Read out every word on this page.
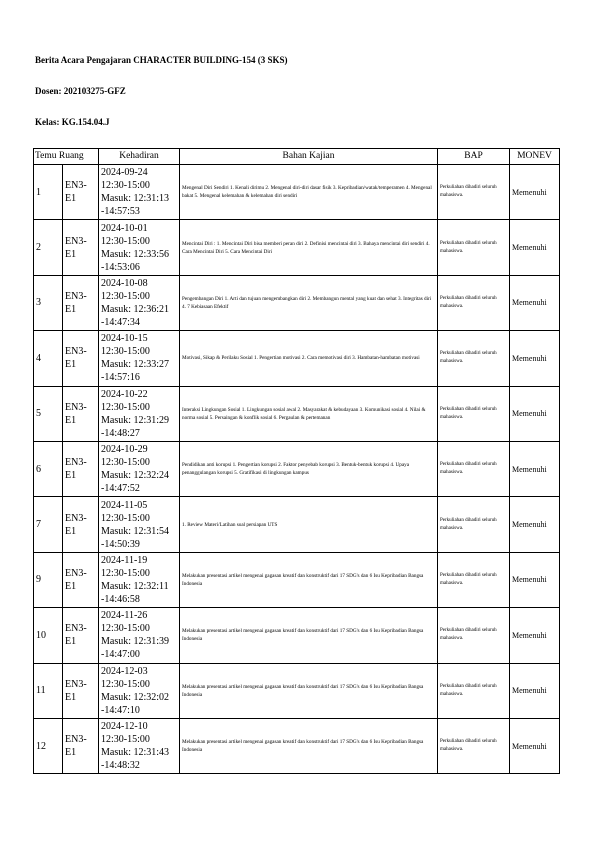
Berita Acara Pengajaran CHARACTER BUILDING-154 (3 SKS)
Dosen: 202103275-GFZ
Kelas: KG.154.04.J
Temu Ruang		Kehadiran	Bahan Kajian	BAP	MONEV
1	EN3-
E1	2024-09-24
12:30-15:00
Masuk: 12:31:13
-14:57:53	Mengenal Diri Sendiri 1. Kenali dirimu 2. Mengenal diri-diri dasar fisik 3. Kepribadian/watak/temperamen 4. Mengenal bakat 5. Mengenal kelemahan & kelemahan diri sendiri	Perkuliahan dihadiri seluruh mahasiswa.	Memenuhi
2	EN3-
E1	2024-10-01
12:30-15:00
Masuk: 12:33:56
-14:53:06	Mencintai Diri : 1. Mencintai Diri bisa memberi peran diri 2. Definisi mencintai diri 3. Bahaya mencintai diri sendiri 4. Cara Mencintai Diri 5. Cara Mencintai Diri	Perkuliahan dihadiri seluruh mahasiswa.	Memenuhi
3	EN3-
E1	2024-10-08
12:30-15:00
Masuk: 12:36:21
-14:47:34	Pengembangan Diri 1. Arti dan tujuan mengembangkan diri 2. Membangun mental yang kuat dan sehat 3. Integritas diri 4. 7 Kebiasaan Efektif	Perkuliahan dihadiri seluruh mahasiswa.	Memenuhi
4	EN3-
E1	2024-10-15
12:30-15:00
Masuk: 12:33:27
-14:57:16	Motivasi, Sikap & Perilaku Sosial 1. Pengertian motivasi 2. Cara memotivasi diri 3. Hambatan-hambatan motivasi	Perkuliahan dihadiri seluruh mahasiswa.	Memenuhi
5	EN3-
E1	2024-10-22
12:30-15:00
Masuk: 12:31:29
-14:48:27	Interaksi Lingkungan Sosial 1. Lingkungan sosial awal 2. Masyarakat & kebudayaan 3. Komunikasi sosial 4. Nilai & norma sosial 5. Persaingan & konflik sosial 6. Pergaulan & pertemanan	Perkuliahan dihadiri seluruh mahasiswa.	Memenuhi
6	EN3-
E1	2024-10-29
12:30-15:00
Masuk: 12:32:24
-14:47:52	Pendidikan anti korupsi 1. Pengertian korupsi 2. Faktor penyebab korupsi 3. Bentuk-bentuk korupsi 4. Upaya penanggulangan korupsi 5. Gratifikasi di lingkungan kampus	Perkuliahan dihadiri seluruh mahasiswa.	Memenuhi
7	EN3-
E1	2024-11-05
12:30-15:00
Masuk: 12:31:54
-14:50:39	1. Review Materi/Latihan soal persiapan UTS	Perkuliahan dihadiri seluruh mahasiswa.	Memenuhi
9	EN3-
E1	2024-11-19
12:30-15:00
Masuk: 12:32:11
-14:46:58	Melakukan presentasi artikel mengenai gagasan kreatif dan konstruktif dari 17 SDG's dan 6 Isu Kepribadian Bangsa Indonesia	Perkuliahan dihadiri seluruh mahasiswa.	Memenuhi
10	EN3-
E1	2024-11-26
12:30-15:00
Masuk: 12:31:39
-14:47:00	Melakukan presentasi artikel mengenai gagasan kreatif dan konstruktif dari 17 SDG's dan 6 Isu Kepribadian Bangsa Indonesia	Perkuliahan dihadiri seluruh mahasiswa.	Memenuhi
11	EN3-
E1	2024-12-03
12:30-15:00
Masuk: 12:32:02
-14:47:10	Melakukan presentasi artikel mengenai gagasan kreatif dan konstruktif dari 17 SDG's dan 6 Isu Kepribadian Bangsa Indonesia	Perkuliahan dihadiri seluruh mahasiswa.	Memenuhi
12	EN3-
E1	2024-12-10
12:30-15:00
Masuk: 12:31:43
-14:48:32	Melakukan presentasi artikel mengenai gagasan kreatif dan konstruktif dari 17 SDG's dan 6 Isu Kepribadian Bangsa Indonesia	Perkuliahan dihadiri seluruh mahasiswa.	Memenuhi
